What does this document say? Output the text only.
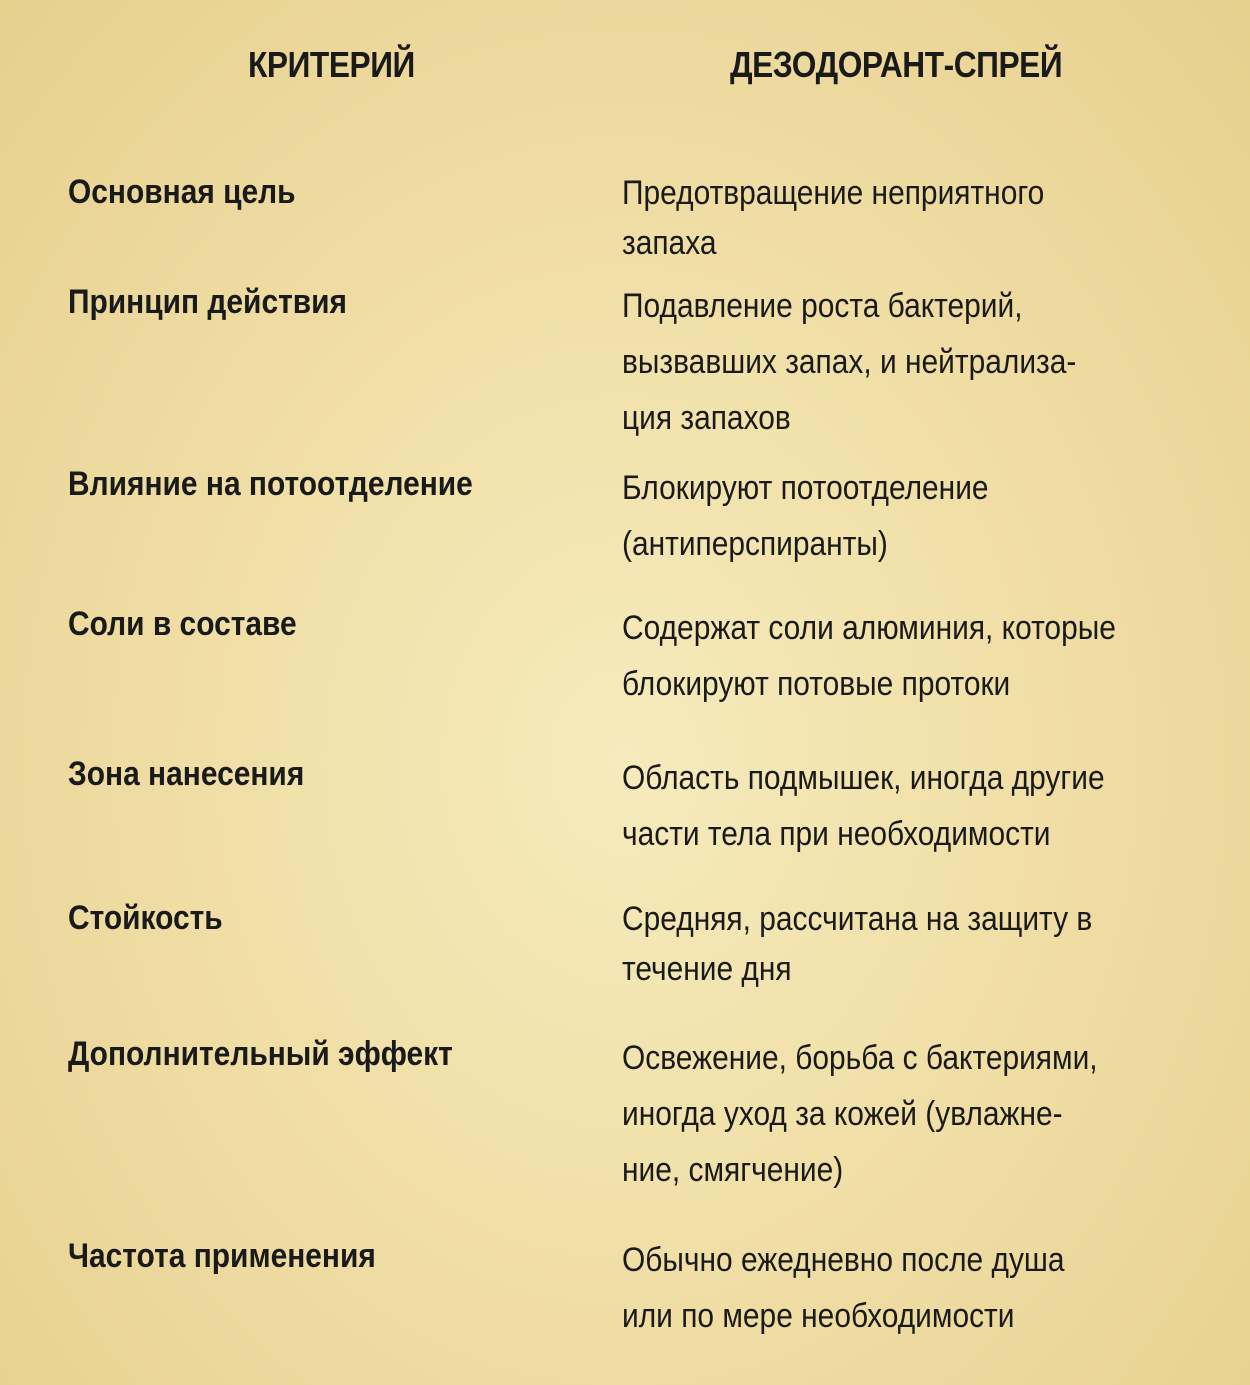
КРИТЕРИЙ	ДЕЗОДОРАНТ-СПРЕЙ
Основная цель	Предотвращение неприятного
запаха
Принцип действия	Подавление роста бактерий,
вызвавших запах, и нейтрализа-
ция запахов
Влияние на потоотделение	Блокируют потоотделение
(антиперспиранты)
Соли в составе	Содержат соли алюминия, которые
блокируют потовые протоки
Зона нанесения	Область подмышек, иногда другие
части тела при необходимости
Стойкость	Средняя, рассчитана на защиту в
течение дня
Дополнительный эффект	Освежение, борьба с бактериями,
иногда уход за кожей (увлажне-
ние, смягчение)
Частота применения	Обычно ежедневно после душа
или по мере необходимости
